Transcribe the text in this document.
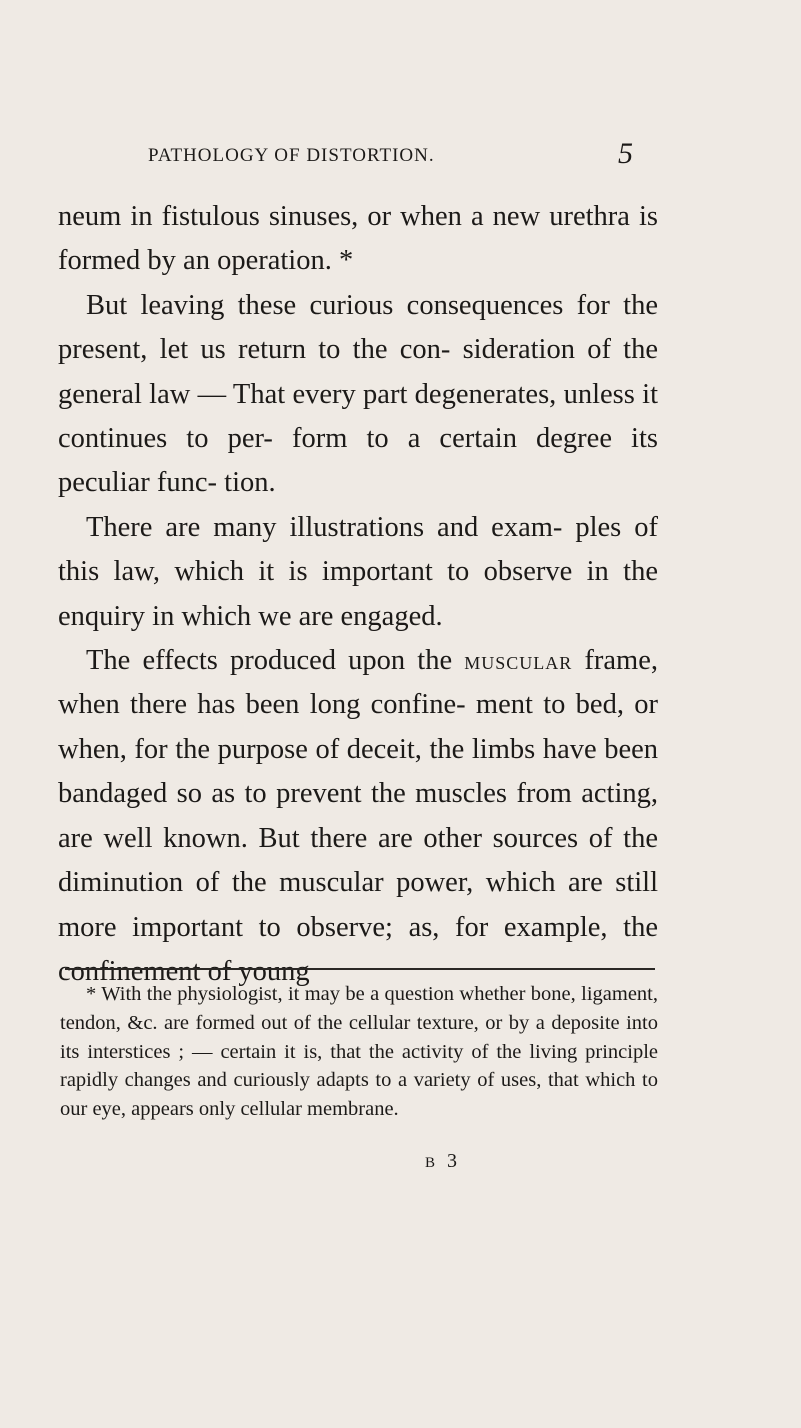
PATHOLOGY OF DISTORTION.	5

neum in fistulous sinuses, or when a new urethra is formed by an operation. *

But leaving these curious consequences for the present, let us return to the con- sideration of the general law — That every part degenerates, unless it continues to per- form to a certain degree its peculiar func- tion.

There are many illustrations and exam- ples of this law, which it is important to observe in the enquiry in which we are engaged.

The effects produced upon the muscular frame, when there has been long confine- ment to bed, or when, for the purpose of deceit, the limbs have been bandaged so as to prevent the muscles from acting, are well known. But there are other sources of the diminution of the muscular power, which are still more important to observe; as, for example, the confinement of young

* With the physiologist, it may be a question whether bone, ligament, tendon, &c. are formed out of the cellular texture, or by a deposite into its interstices ; — certain it is, that the activity of the living principle rapidly changes and curiously adapts to a variety of uses, that which to our eye, appears only cellular membrane.

B3
